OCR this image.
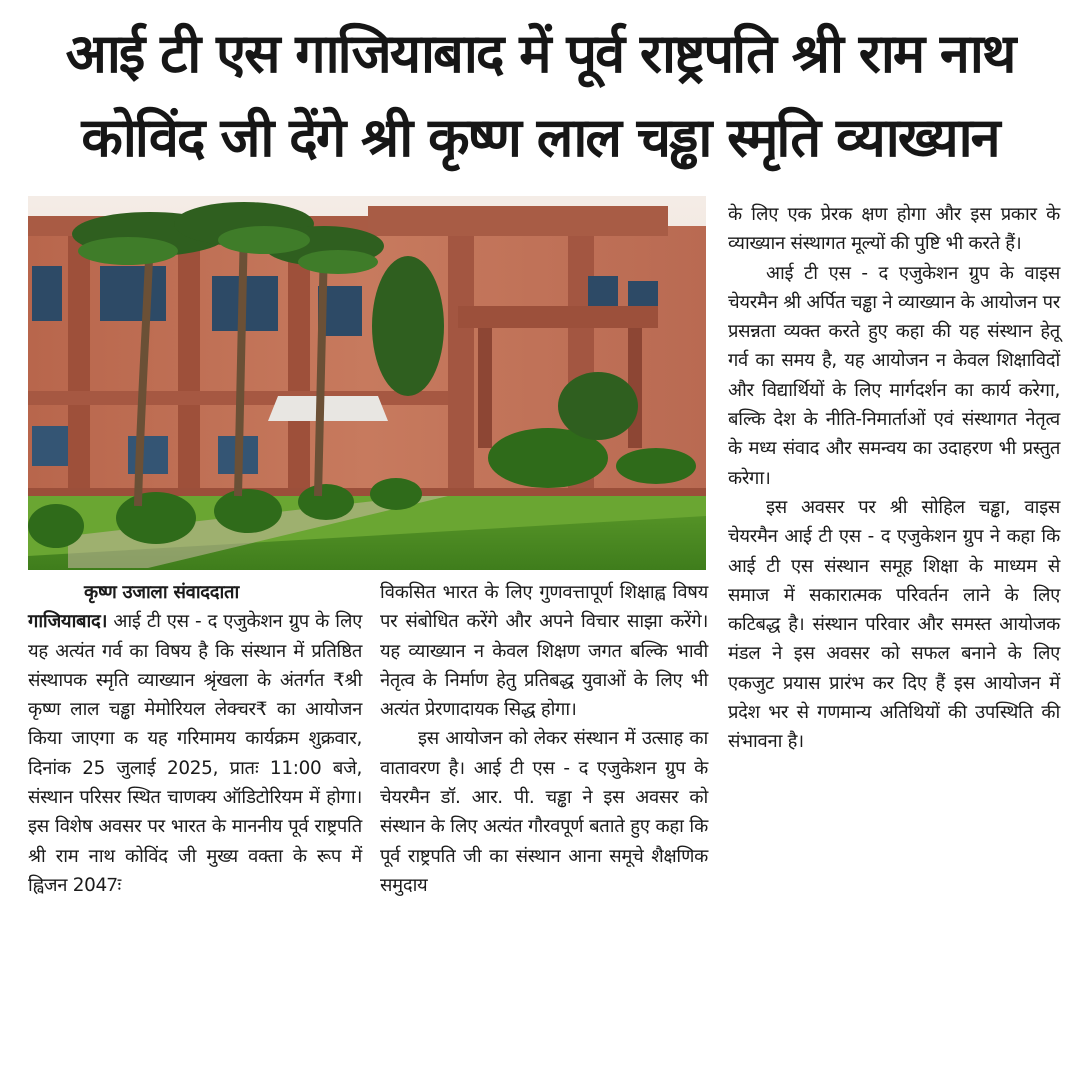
आई टी एस गाजियाबाद में पूर्व राष्ट्रपति श्री राम नाथ
कोविंद जी देंगे श्री कृष्ण लाल चड्ढा स्मृति व्याख्यान

कृष्ण उजाला संवाददाता
गाजियाबाद। आई टी एस - द एजुकेशन ग्रुप के लिए यह अत्यंत गर्व का विषय है कि संस्थान में प्रतिष्ठित संस्थापक स्मृति व्याख्यान श्रृंखला के अंतर्गत ₹श्री कृष्ण लाल चड्ढा मेमोरियल लेक्चर₹ का आयोजन किया जाएगा क यह गरिमामय कार्यक्रम शुक्रवार, दिनांक 25 जुलाई 2025, प्रातः 11:00 बजे, संस्थान परिसर स्थित चाणक्य ऑडिटोरियम में होगा। इस विशेष अवसर पर भारत के माननीय पूर्व राष्ट्रपति श्री राम नाथ कोविंद जी मुख्य वक्ता के रूप में ह्विजन 2047ः

विकसित भारत के लिए गुणवत्तापूर्ण शिक्षाह्व विषय पर संबोधित करेंगे और अपने विचार साझा करेंगे। यह व्याख्यान न केवल शिक्षण जगत बल्कि भावी नेतृत्व के निर्माण हेतु प्रतिबद्ध युवाओं के लिए भी अत्यंत प्रेरणादायक सिद्ध होगा।

इस आयोजन को लेकर संस्थान में उत्साह का वातावरण है। आई टी एस - द एजुकेशन ग्रुप के चेयरमैन डॉ. आर. पी. चड्ढा ने इस अवसर को संस्थान के लिए अत्यंत गौरवपूर्ण बताते हुए कहा कि पूर्व राष्ट्रपति जी का संस्थान आना समूचे शैक्षणिक समुदाय

के लिए एक प्रेरक क्षण होगा और इस प्रकार के व्याख्यान संस्थागत मूल्यों की पुष्टि भी करते हैं।

आई टी एस - द एजुकेशन ग्रुप के वाइस चेयरमैन श्री अर्पित चड्ढा ने व्याख्यान के आयोजन पर प्रसन्नता व्यक्त करते हुए कहा की यह संस्थान हेतू गर्व का समय है, यह आयोजन न केवल शिक्षाविदों और विद्यार्थियों के लिए मार्गदर्शन का कार्य करेगा, बल्कि देश के नीति-निमार्ताओं एवं संस्थागत नेतृत्व के मध्य संवाद और समन्वय का उदाहरण भी प्रस्तुत करेगा।

इस अवसर पर श्री सोहिल चड्ढा, वाइस चेयरमैन आई टी एस - द एजुकेशन ग्रुप ने कहा कि आई टी एस संस्थान समूह शिक्षा के माध्यम से समाज में सकारात्मक परिवर्तन लाने के लिए कटिबद्ध है। संस्थान परिवार और समस्त आयोजक मंडल ने इस अवसर को सफल बनाने के लिए एकजुट प्रयास प्रारंभ कर दिए हैं इस आयोजन में प्रदेश भर से गणमान्य अतिथियों की उपस्थिति की संभावना है।
